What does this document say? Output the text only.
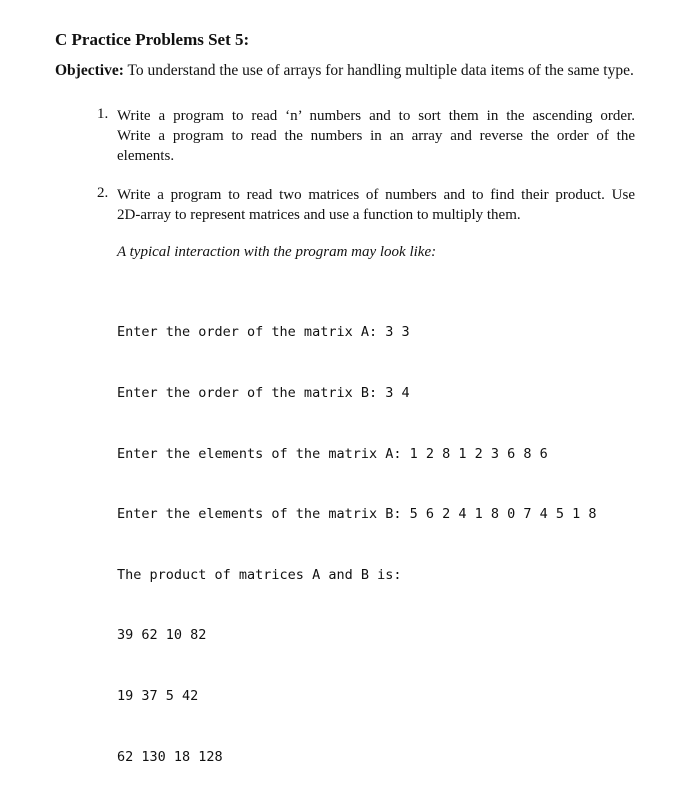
C Practice Problems Set 5:
Objective: To understand the use of arrays for handling multiple data items of the same type.
1. Write a program to read ‘n’ numbers and to sort them in the ascending order.
Write a program to read the numbers in an array and reverse the order of the
elements.
2. Write a program to read two matrices of numbers and to find their product. Use
2D-array to represent matrices and use a function to multiply them.
A typical interaction with the program may look like:

Enter the order of the matrix A: 3 3

Enter the order of the matrix B: 3 4

Enter the elements of the matrix A: 1 2 8 1 2 3 6 8 6

Enter the elements of the matrix B: 5 6 2 4 1 8 0 7 4 5 1 8

The product of matrices A and B is:

39 62 10 82

19 37 5 42

62 130 18 128
